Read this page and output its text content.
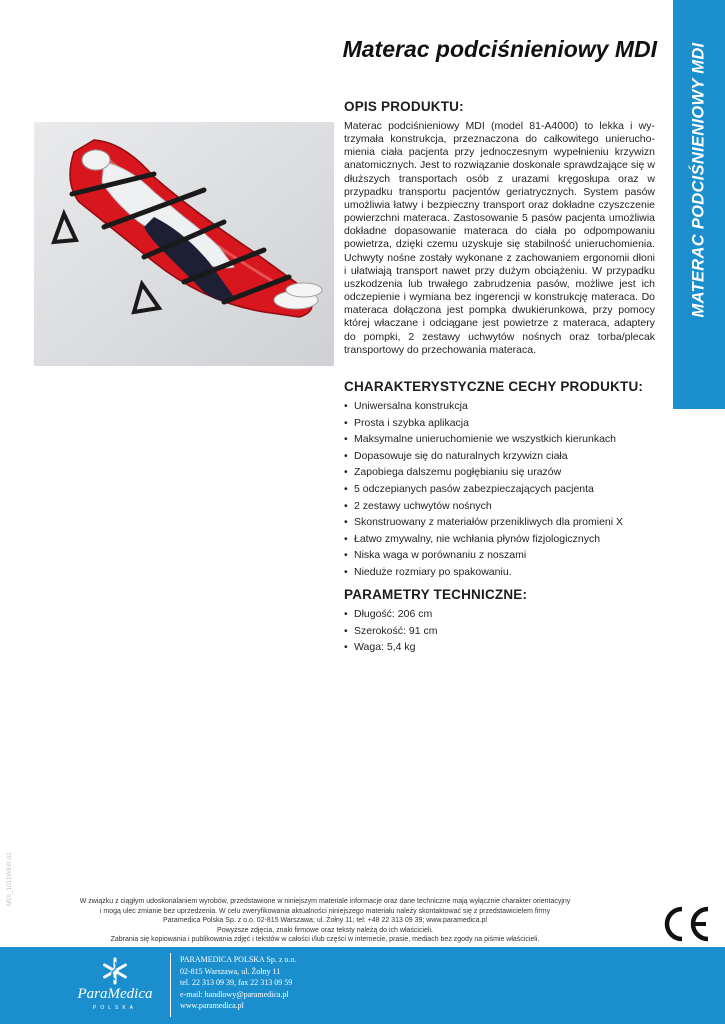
MATERAC PODCIŚNIENIOWY MDI
Materac podciśnieniowy MDI
OPIS PRODUKTU:

Materac podciśnieniowy MDI (model 81-A4000) to lekka i wytrzymała konstrukcja, przeznaczona do całkowitego unieruchomienia ciała pacjenta przy jednoczesnym wypełnieniu krzywizn anatomicznych. Jest to rozwiązanie doskonale sprawdzające się w dłuższych transportach osób z urazami kręgosłupa oraz w przypadku transportu pacjentów geriatrycznych. System pasów umożliwia łatwy i bezpieczny transport oraz dokładne czyszczenie powierzchni materaca. Zastosowanie 5 pasów pacjenta umożliwia dokładne dopasowanie materaca do ciała po odpompowaniu powietrza, dzięki czemu uzyskuje się stabilność unieruchomienia. Uchwyty nośne zostały wykonane z zachowaniem ergonomii dłoni i ułatwiają transport nawet przy dużym obciążeniu. W przypadku uszkodzenia lub trwałego zabrudzenia pasów, możliwe jest ich odczepienie i wymiana bez ingerencji w konstrukcję materaca. Do materaca dołączona jest pompka dwukierunkowa, przy pomocy której właczane i odciągane jest powietrze z materaca, adaptery do pompki, 2 zestawy uchwytów nośnych oraz torba/plecak transportowy do przechowania materaca.

CHARAKTERYSTYCZNE CECHY PRODUKTU:
• Uniwersalna konstrukcja
• Prosta i szybka aplikacja
• Maksymalne unieruchomienie we wszystkich kierunkach
• Dopasowuje się do naturalnych krzywizn ciała
• Zapobiega dalszemu pogłębianiu się urazów
• 5 odczepianych pasów zabezpieczających pacjenta
• 2 zestawy uchwytów nośnych
• Skonstruowany z materiałów przenikliwych dla promieni X
• Łatwo zmywalny, nie wchłania płynów fizjologicznych
• Niska waga w porównaniu z noszami
• Nieduże rozmiary po spakowaniu.
PARAMETRY TECHNICZNE:
• Długość: 206 cm
• Szerokość: 91 cm
• Waga: 5,4 kg
MDI_1011WER.01	W związku z ciągłym udoskonalaniem wyrobów, przedstawione w niniejszym materiale informacje oraz dane techniczne mają wyłącznie charakter orientacyjny
i mogą ulec zmianie bez uprzedzenia. W celu zweryfikowania aktualności niniejszego materiału należy skontaktować się z przedstawicielem firmy
Paramedica Polska Sp. z o.o. 02-815 Warszawa; ul. Żołny 11; tel: +48 22 313 09 39; www.paramedica.pl
Powyższe zdjęcia, znaki firmowe oraz teksty należą do ich właścicieli.
Zabrania się kopiowania i publikowania zdjęć i tekstów w całości i/lub części w internecie, prasie, mediach bez zgody na piśmie właścicieli.

ParaMedica
POLSKA
PARAMEDICA POLSKA Sp. z o.o.
02-815 Warszawa, ul. Żołny 11
tel. 22 313 09 39, fax 22 313 09 59
e-mail: handlowy@paramedica.pl
www.paramedica.pl
